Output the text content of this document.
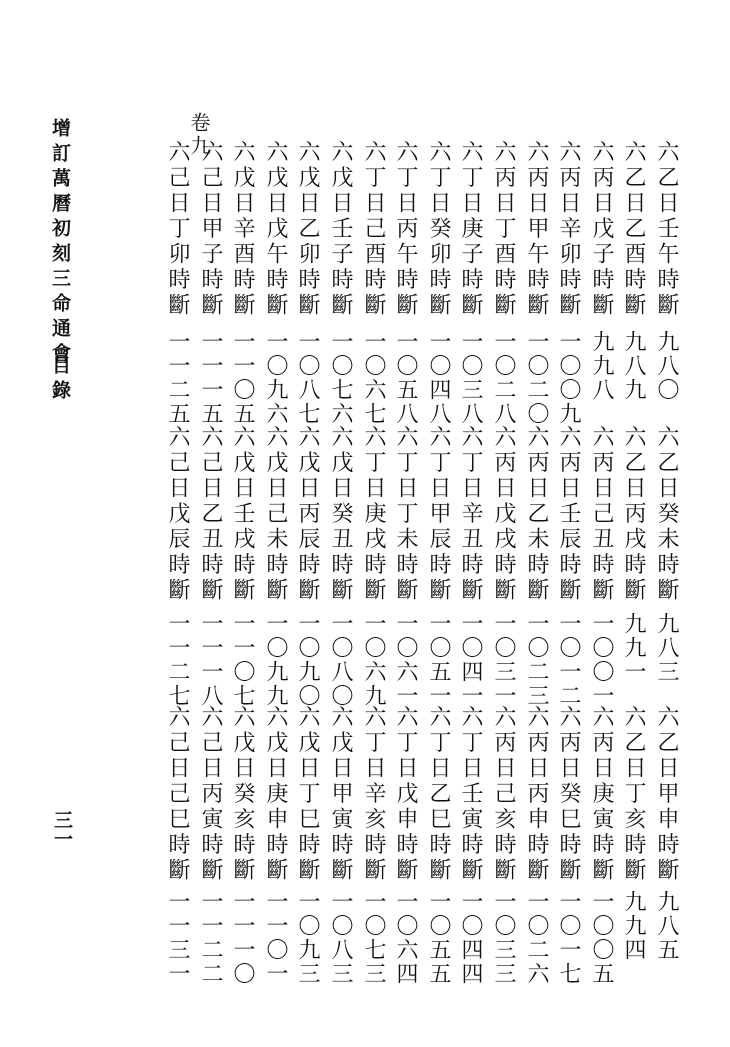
增訂萬曆初刻三命通會
目錄
三一
卷九
六乙日壬午時斷
九八〇
六乙日癸未時斷
九八三
六乙日甲申時斷
九八五
六乙日乙酉時斷
九八九
六乙日丙戌時斷
九九一
六乙日丁亥時斷
九九四
六丙日戊子時斷
九九八
六丙日己丑時斷
一〇〇一
六丙日庚寅時斷
一〇〇五
六丙日辛卯時斷
一〇〇九
六丙日壬辰時斷
一〇一二
六丙日癸巳時斷
一〇一七
六丙日甲午時斷
一〇二〇
六丙日乙未時斷
一〇二三
六丙日丙申時斷
一〇二六
六丙日丁酉時斷
一〇二八
六丙日戊戌時斷
一〇三一
六丙日己亥時斷
一〇三三
六丁日庚子時斷
一〇三八
六丁日辛丑時斷
一〇四一
六丁日壬寅時斷
一〇四四
六丁日癸卯時斷
一〇四八
六丁日甲辰時斷
一〇五一
六丁日乙巳時斷
一〇五五
六丁日丙午時斷
一〇五八
六丁日丁未時斷
一〇六一
六丁日戊申時斷
一〇六四
六丁日己酉時斷
一〇六七
六丁日庚戌時斷
一〇六九
六丁日辛亥時斷
一〇七三
六戊日壬子時斷
一〇七六
六戊日癸丑時斷
一〇八〇
六戊日甲寅時斷
一〇八三
六戊日乙卯時斷
一〇八七
六戊日丙辰時斷
一〇九〇
六戊日丁巳時斷
一〇九三
六戊日戊午時斷
一〇九六
六戊日己未時斷
一〇九九
六戊日庚申時斷
一一〇一
六戊日辛酉時斷
一一〇五
六戊日壬戌時斷
一一〇七
六戊日癸亥時斷
一一一〇
六己日甲子時斷
一一一五
六己日乙丑時斷
一一一八
六己日丙寅時斷
一一二二
六己日丁卯時斷
一一二五
六己日戊辰時斷
一一二七
六己日己巳時斷
一一三一
